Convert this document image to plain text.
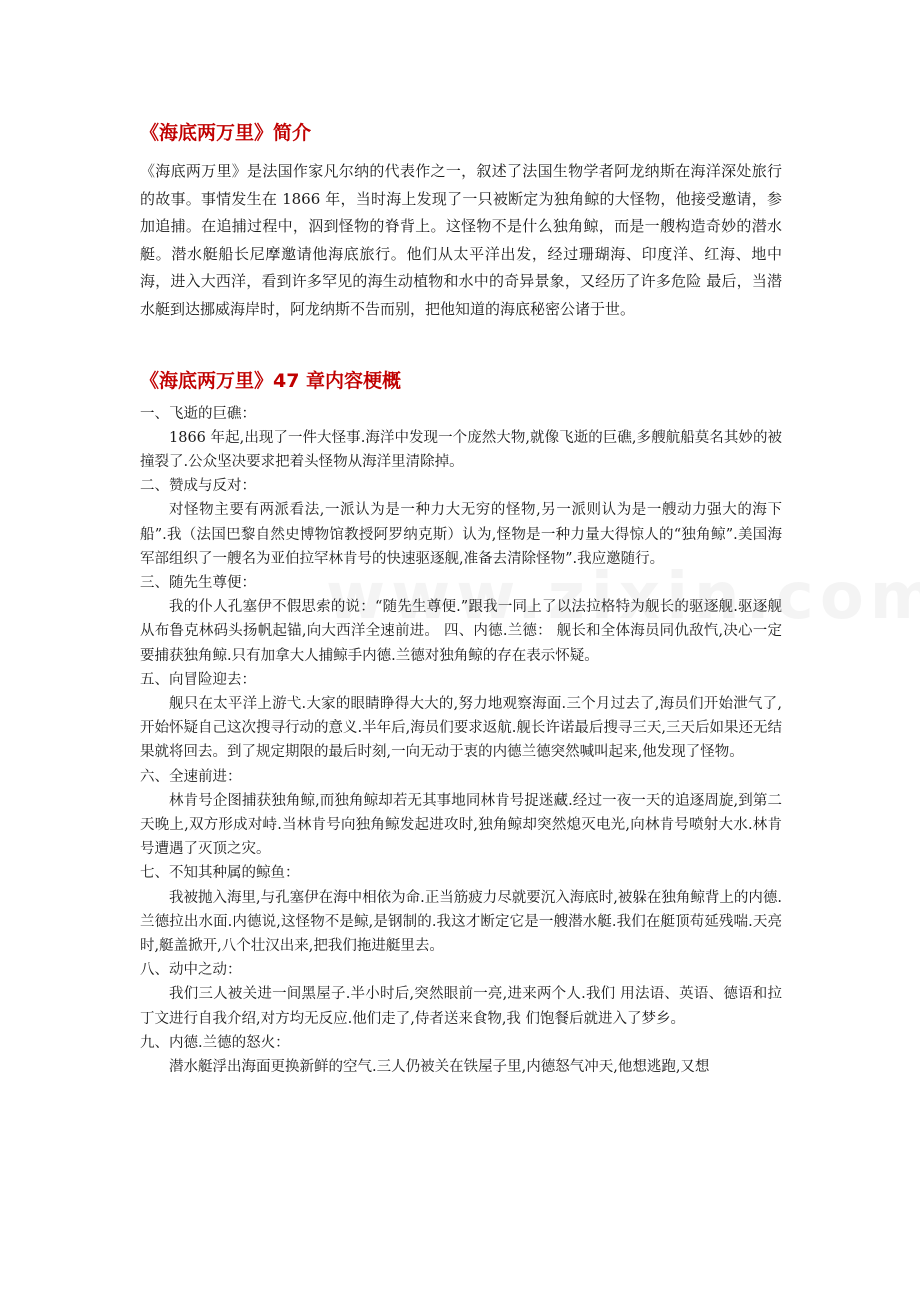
《海底两万里》简介

《海底两万里》是法国作家凡尔纳的代表作之一，叙述了法国生物学者阿龙纳斯在海洋深处旅行的故事。事情发生在 1866 年，当时海上发现了一只被断定为独角鲸的大怪物，他接受邀请，参加追捕。在追捕过程中，泅到怪物的脊背上。这怪物不是什么独角鲸，而是一艘构造奇妙的潜水艇。潜水艇船长尼摩邀请他海底旅行。他们从太平洋出发，经过珊瑚海、印度洋、红海、地中海，进入大西洋，看到许多罕见的海生动植物和水中的奇异景象，又经历了许多危险 最后，当潜水艇到达挪威海岸时，阿龙纳斯不告而别，把他知道的海底秘密公诸于世。

《海底两万里》47 章内容梗概

一、飞逝的巨礁：

1866 年起,出现了一件大怪事.海洋中发现一个庞然大物,就像飞逝的巨礁,多艘航船莫名其妙的被撞裂了.公众坚决要求把着头怪物从海洋里清除掉。

二、赞成与反对：

对怪物主要有两派看法,一派认为是一种力大无穷的怪物,另一派则认为是一艘动力强大的海下船”.我（法国巴黎自然史博物馆教授阿罗纳克斯）认为,怪物是一种力量大得惊人的“独角鲸”.美国海军部组织了一艘名为亚伯拉罕林肯号的快速驱逐舰,准备去清除怪物”.我应邀随行。

三、随先生尊便：

我的仆人孔塞伊不假思索的说：“随先生尊便.”跟我一同上了以法拉格特为舰长的驱逐舰.驱逐舰从布鲁克林码头扬帆起锚,向大西洋全速前进。 四、内德.兰德： 舰长和全体海员同仇敌忾,决心一定要捕获独角鲸.只有加拿大人捕鲸手内德.兰德对独角鲸的存在表示怀疑。

五、向冒险迎去：

舰只在太平洋上游弋.大家的眼睛睁得大大的,努力地观察海面.三个月过去了,海员们开始泄气了,开始怀疑自己这次搜寻行动的意义.半年后,海员们要求返航.舰长许诺最后搜寻三天,三天后如果还无结果就将回去。到了规定期限的最后时刻,一向无动于衷的内德兰德突然喊叫起来,他发现了怪物。

六、全速前进：

林肯号企图捕获独角鲸,而独角鲸却若无其事地同林肯号捉迷藏.经过一夜一天的追逐周旋,到第二天晚上,双方形成对峙.当林肯号向独角鲸发起进攻时,独角鲸却突然熄灭电光,向林肯号喷射大水.林肯号遭遇了灭顶之灾。

七、不知其种属的鲸鱼：

我被抛入海里,与孔塞伊在海中相依为命.正当筋疲力尽就要沉入海底时,被躲在独角鲸背上的内德.兰德拉出水面.内德说,这怪物不是鲸,是钢制的.我这才断定它是一艘潜水艇.我们在艇顶苟延残喘.天亮时,艇盖掀开,八个壮汉出来,把我们拖进艇里去。

八、动中之动：

我们三人被关进一间黑屋子.半小时后,突然眼前一亮,进来两个人.我们 用法语、英语、德语和拉丁文进行自我介绍,对方均无反应.他们走了,侍者送来食物,我 们饱餐后就进入了梦乡。

九、内德.兰德的怒火：

潜水艇浮出海面更换新鲜的空气.三人仍被关在铁屋子里,内德怒气冲天,他想逃跑,又想
